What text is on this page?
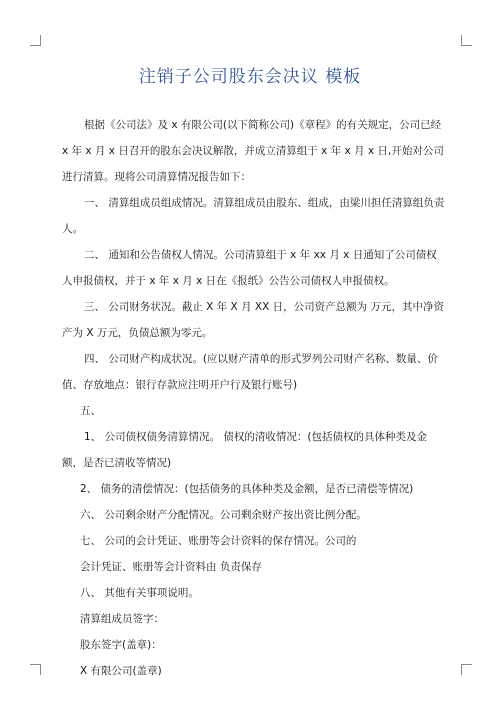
注销子公司股东会决议 模板

根据《公司法》及 x 有限公司(以下简称公司)《章程》的有关规定，公司已经 x 年 x 月 x 日召开的股东会决议解散，并成立清算组于 x 年 x 月 x 日,开始对公司进行清算。现将公司清算情况报告如下：

一、 清算组成员组成情况。清算组成员由股东、组成，由梁川担任清算组负责人。

二、 通知和公告债权人情况。公司清算组于 x 年 xx 月 x 日通知了公司债权人申报债权，并于 x 年 x 月 x 日在《报纸》公告公司债权人申报债权。

三、 公司财务状况。截止 X 年 X 月 XX 日，公司资产总额为 万元，其中净资产为 X 万元，负债总额为零元。

四、 公司财产构成状况。(应以财产清单的形式罗列公司财产名称、数量、价值、存放地点：银行存款应注明开户行及银行账号)

五、

1、 公司债权债务清算情况。 债权的清收情况：(包括债权的具体种类及金额，是否已清收等情况)

2、 债务的清偿情况：(包括债务的具体种类及金额，是否已清偿等情况)

六、 公司剩余财产分配情况。公司剩余财产按出资比例分配。

七、 公司的会计凭证、账册等会计资料的保存情况。公司的

会计凭证、账册等会计资料由 负责保存

八、 其他有关事项说明。

清算组成员签字：

股东签字(盖章)：

X 有限公司(盖章)
